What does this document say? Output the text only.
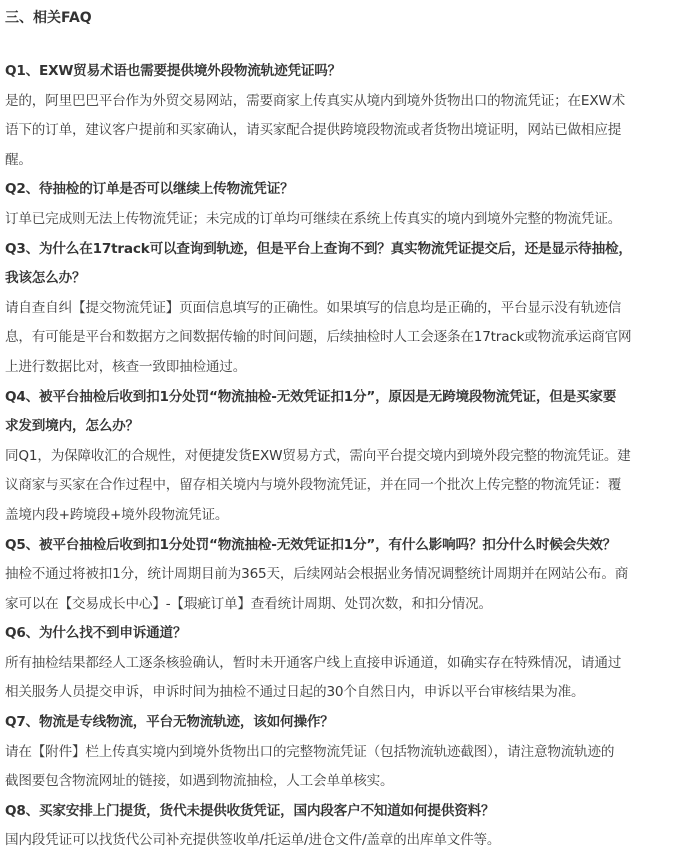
三、相关FAQ

Q1、EXW贸易术语也需要提供境外段物流轨迹凭证吗？

是的，阿里巴巴平台作为外贸交易网站，需要商家上传真实从境内到境外货物出口的物流凭证；在EXW术
语下的订单，建议客户提前和买家确认，请买家配合提供跨境段物流或者货物出境证明，网站已做相应提
醒。

Q2、待抽检的订单是否可以继续上传物流凭证？

订单已完成则无法上传物流凭证；未完成的订单均可继续在系统上传真实的境内到境外完整的物流凭证。

Q3、为什么在17track可以查询到轨迹，但是平台上查询不到？真实物流凭证提交后，还是显示待抽检，
我该怎么办？

请自查自纠【提交物流凭证】页面信息填写的正确性。如果填写的信息均是正确的，平台显示没有轨迹信
息，有可能是平台和数据方之间数据传输的时间问题，后续抽检时人工会逐条在17track或物流承运商官网
上进行数据比对，核查一致即抽检通过。

Q4、被平台抽检后收到扣1分处罚“物流抽检-无效凭证扣1分”，原因是无跨境段物流凭证，但是买家要
求发到境内，怎么办？

同Q1，为保障收汇的合规性，对便捷发货EXW贸易方式，需向平台提交境内到境外段完整的物流凭证。建
议商家与买家在合作过程中，留存相关境内与境外段物流凭证，并在同一个批次上传完整的物流凭证：覆
盖境内段+跨境段+境外段物流凭证。

Q5、被平台抽检后收到扣1分处罚“物流抽检-无效凭证扣1分”，有什么影响吗？扣分什么时候会失效？

抽检不通过将被扣1分，统计周期目前为365天，后续网站会根据业务情况调整统计周期并在网站公布。商
家可以在【交易成长中心】-【瑕疵订单】查看统计周期、处罚次数，和扣分情况。

Q6、为什么找不到申诉通道？

所有抽检结果都经人工逐条核验确认，暂时未开通客户线上直接申诉通道，如确实存在特殊情况，请通过
相关服务人员提交申诉，申诉时间为抽检不通过日起的30个自然日内，申诉以平台审核结果为准。

Q7、物流是专线物流，平台无物流轨迹，该如何操作？

请在【附件】栏上传真实境内到境外货物出口的完整物流凭证（包括物流轨迹截图），请注意物流轨迹的
截图要包含物流网址的链接，如遇到物流抽检，人工会单单核实。

Q8、买家安排上门提货，货代未提供收货凭证，国内段客户不知道如何提供资料？

国内段凭证可以找货代公司补充提供签收单/托运单/进仓文件/盖章的出库单文件等。
